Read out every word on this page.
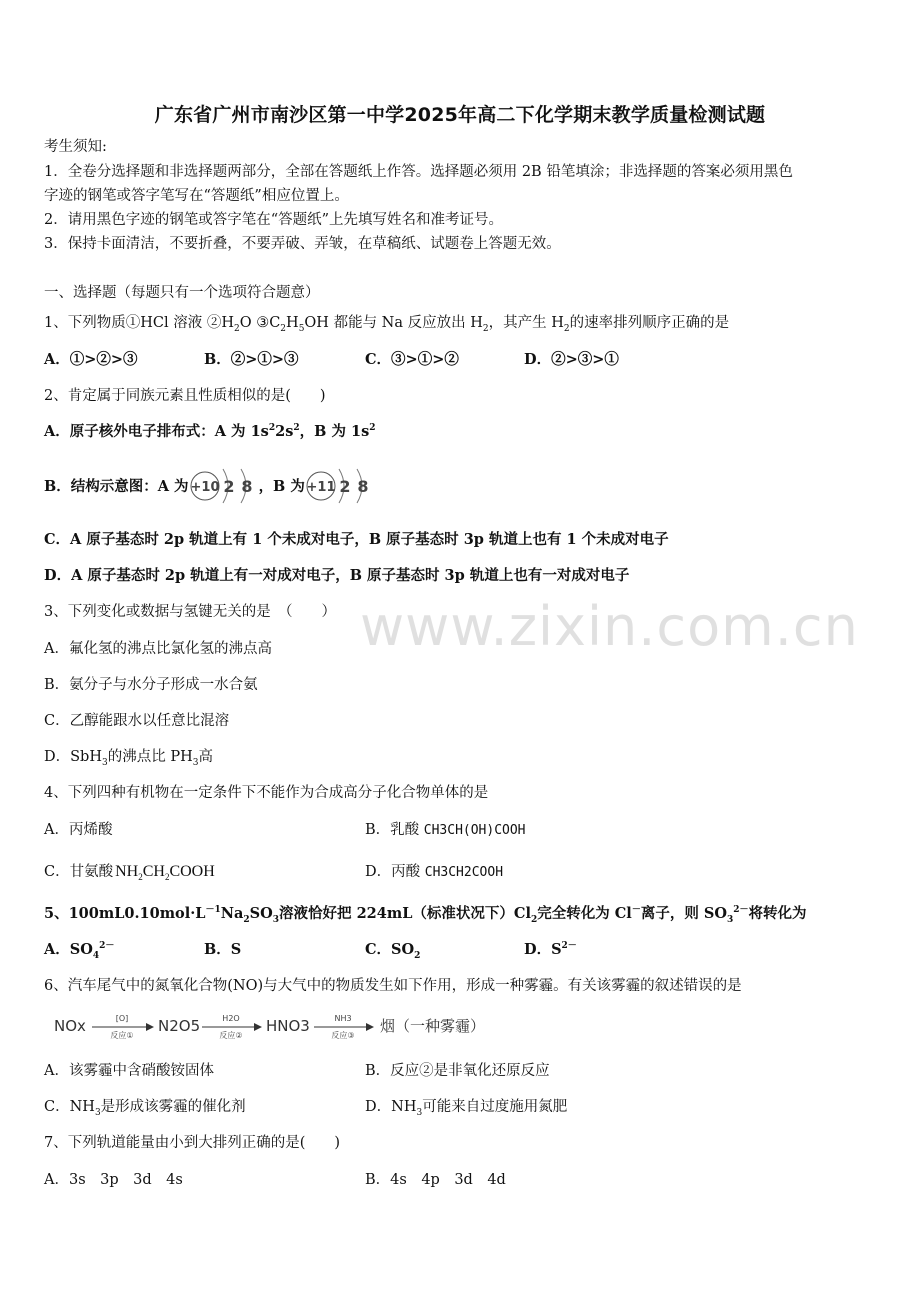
www.zixin.com.cn
广东省广州市南沙区第一中学2025年高二下化学期末教学质量检测试题
考生须知:
1．全卷分选择题和非选择题两部分，全部在答题纸上作答。选择题必须用 2B 铅笔填涂；非选择题的答案必须用黑色
字迹的钢笔或答字笔写在“答题纸”相应位置上。
2．请用黑色字迹的钢笔或答字笔在“答题纸”上先填写姓名和准考证号。
3．保持卡面清洁，不要折叠，不要弄破、弄皱，在草稿纸、试题卷上答题无效。
一、选择题（每题只有一个选项符合题意）
1、下列物质①HCl 溶液 $②H_2O$ $③C_2H_5OH$ 都能与 Na 反应放出 $H_2$，其产生 $H_2$的速率排列顺序正确的是
A．①>②>③	B．②>①>③	C．③>①>②	D．②>③>①
2、肯定属于同族元素且性质相似的是(　　)
A．原子核外电子排布式：A 为 $1s^22s^2$，B 为 $1s^2$
B．结构示意图：A 为 +10 2 8 ，B 为 +11 2 8
C．A 原子基态时 2p 轨道上有 1 个未成对电子，B 原子基态时 3p 轨道上也有 1 个未成对电子
D．A 原子基态时 2p 轨道上有一对成对电子，B 原子基态时 3p 轨道上也有一对成对电子
3、下列变化或数据与氢键无关的是　（　　）
A．氟化氢的沸点比氯化氢的沸点高
B．氨分子与水分子形成一水合氨
C．乙醇能跟水以任意比混溶
D．SbH$_3$的沸点比 $PH_3$高
4、下列四种有机物在一定条件下不能作为合成高分子化合物单体的是
A．丙烯酸	B．乳酸 CH3CH(OH)COOH
C．甘氨酸 $NH_2CH_2COOH$	D．丙酸 CH3CH2COOH
5、$100mL0.10mol\cdot L^{-1}Na_2SO_3$溶液恰好把 224mL（标准状况下）$Cl_2$完全转化为 Cl－离子，则 $SO_3^{2-}$将转化为
A．$SO_4^{2-}$	B．S	C．$SO_2$	D．$S^{2-}$
6、汽车尾气中的氮氧化合物(NO)与大气中的物质发生如下作用，形成一种雾霾。有关该雾霾的叙述错误的是
NOx	[O]
反应①
N2O5	H2O
反应②
HNO3	NH3
反应③
烟（一种雾霾）
A．该雾霾中含硝酸铵固体	B．反应②是非氧化还原反应
C．$NH_3$是形成该雾霾的催化剂	D．$NH_3$可能来自过度施用氮肥
7、下列轨道能量由小到大排列正确的是(　　)
A．3s　3p　3d　4s	B．4s　4p　3d　4d
